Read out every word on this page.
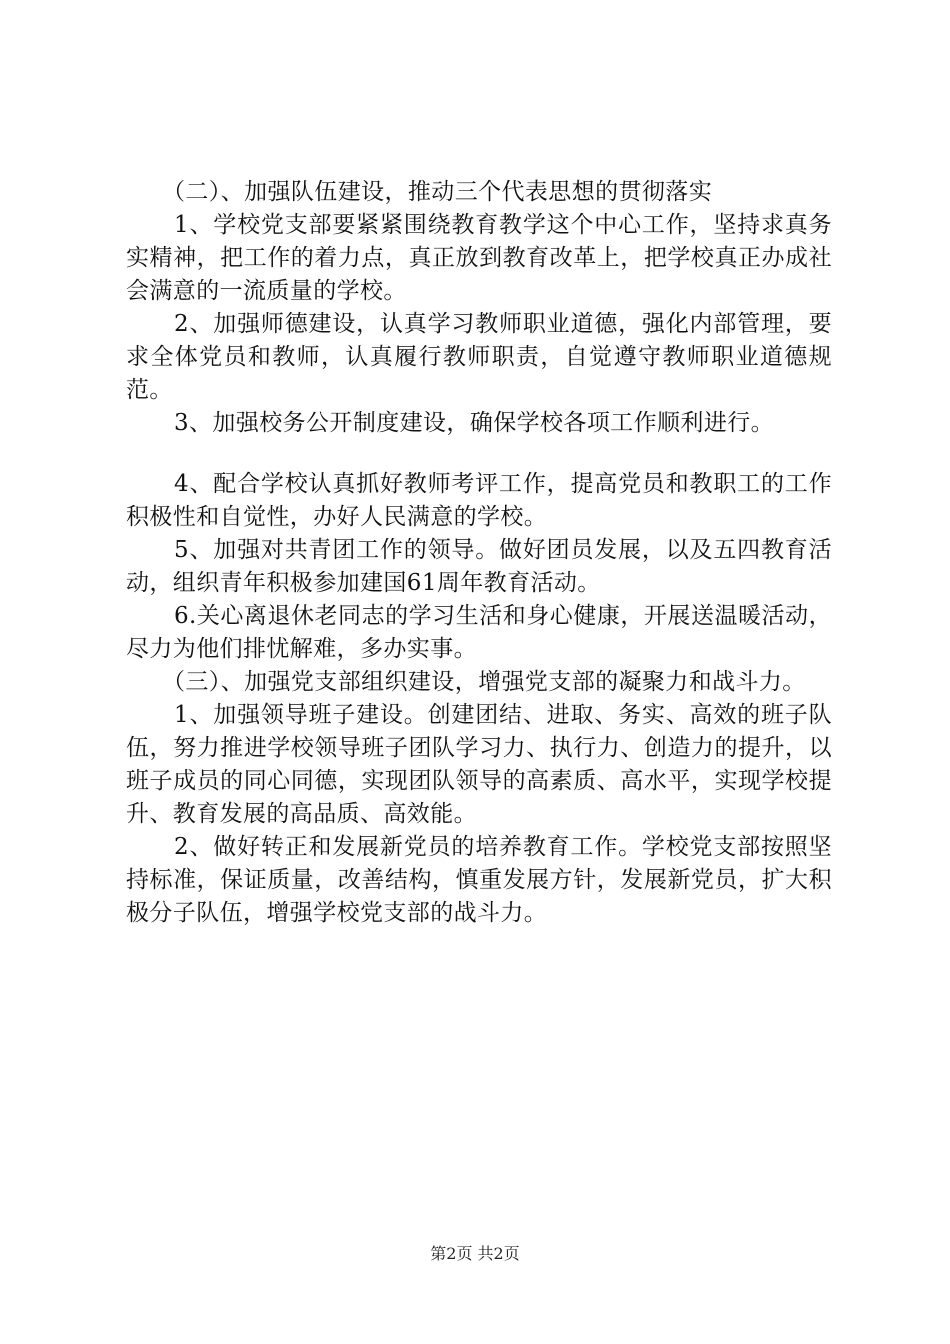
（二）、加强队伍建设，推动三个代表思想的贯彻落实

1、学校党支部要紧紧围绕教育教学这个中心工作，坚持求真务实精神，把工作的着力点，真正放到教育改革上，把学校真正办成社会满意的一流质量的学校。

2、加强师德建设，认真学习教师职业道德，强化内部管理，要求全体党员和教师，认真履行教师职责，自觉遵守教师职业道德规范。

3、加强校务公开制度建设，确保学校各项工作顺利进行。

4、配合学校认真抓好教师考评工作，提高党员和教职工的工作积极性和自觉性，办好人民满意的学校。

5、加强对共青团工作的领导。做好团员发展，以及五四教育活动，组织青年积极参加建国61周年教育活动。

6.关心离退休老同志的学习生活和身心健康，开展送温暖活动，尽力为他们排忧解难，多办实事。

（三）、加强党支部组织建设，增强党支部的凝聚力和战斗力。

1、加强领导班子建设。创建团结、进取、务实、高效的班子队伍，努力推进学校领导班子团队学习力、执行力、创造力的提升，以班子成员的同心同德，实现团队领导的高素质、高水平，实现学校提升、教育发展的高品质、高效能。

2、做好转正和发展新党员的培养教育工作。学校党支部按照坚持标准，保证质量，改善结构，慎重发展方针，发展新党员，扩大积极分子队伍，增强学校党支部的战斗力。

第2页 共2页
